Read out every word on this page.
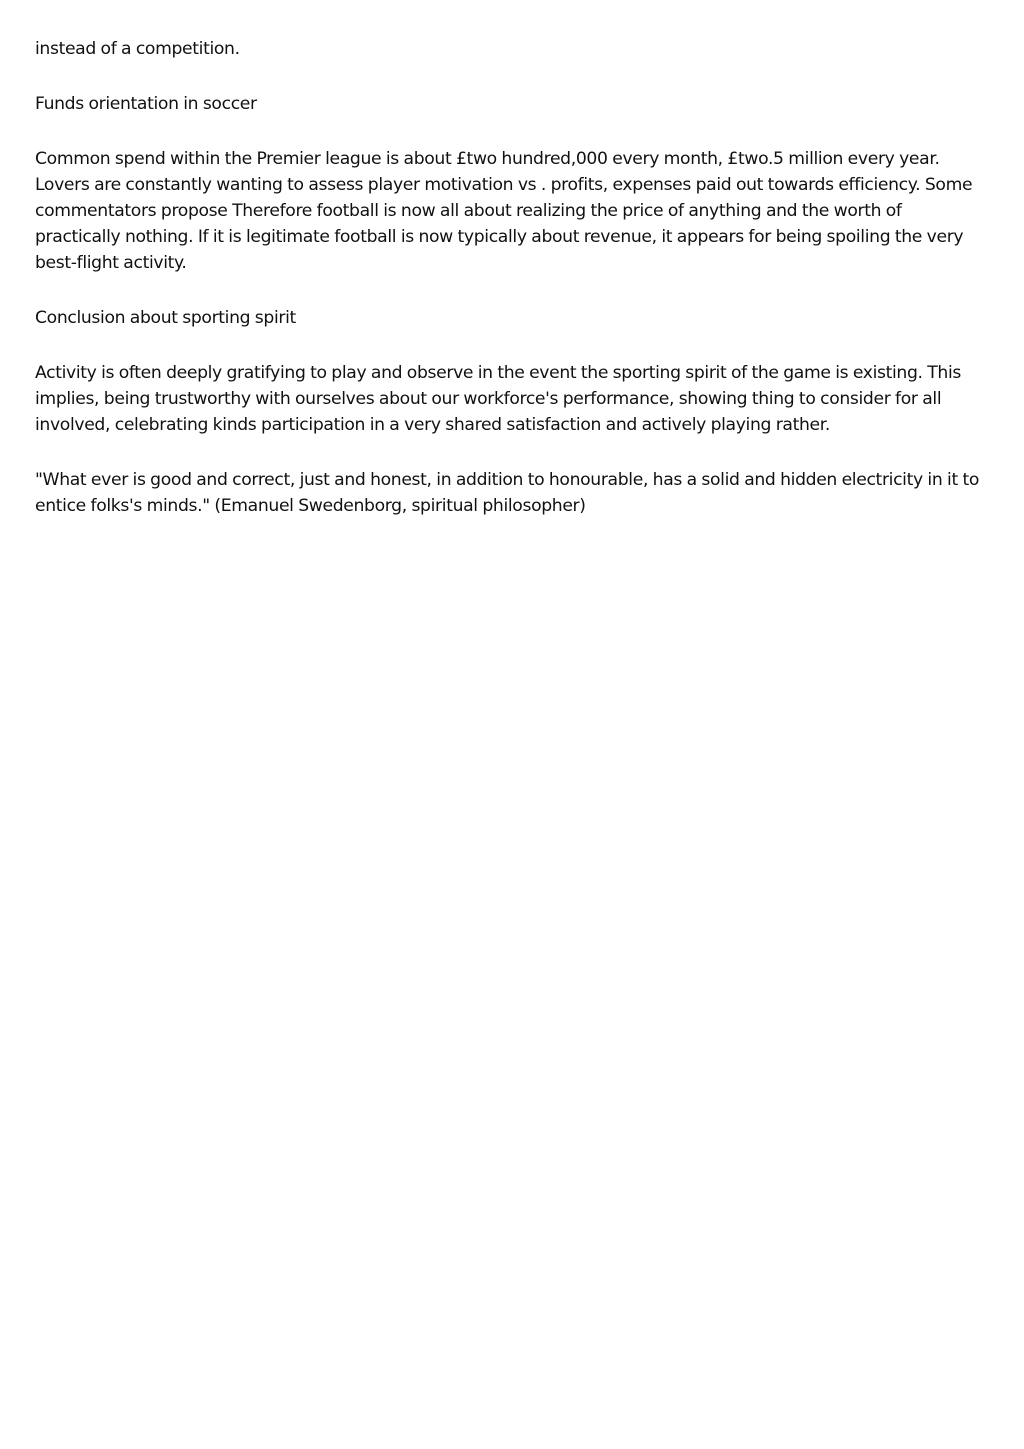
instead of a competition.

Funds orientation in soccer

Common spend within the Premier league is about £two hundred,000 every month, £two.5 million every year. Lovers are constantly wanting to assess player motivation vs . profits, expenses paid out towards efficiency. Some commentators propose Therefore football is now all about realizing the price of anything and the worth of practically nothing. If it is legitimate football is now typically about revenue, it appears for being spoiling the very best-flight activity.

Conclusion about sporting spirit

Activity is often deeply gratifying to play and observe in the event the sporting spirit of the game is existing. This implies, being trustworthy with ourselves about our workforce's performance, showing thing to consider for all involved, celebrating kinds participation in a very shared satisfaction and actively playing rather.

"What ever is good and correct, just and honest, in addition to honourable, has a solid and hidden electricity in it to entice folks's minds." (Emanuel Swedenborg, spiritual philosopher)
